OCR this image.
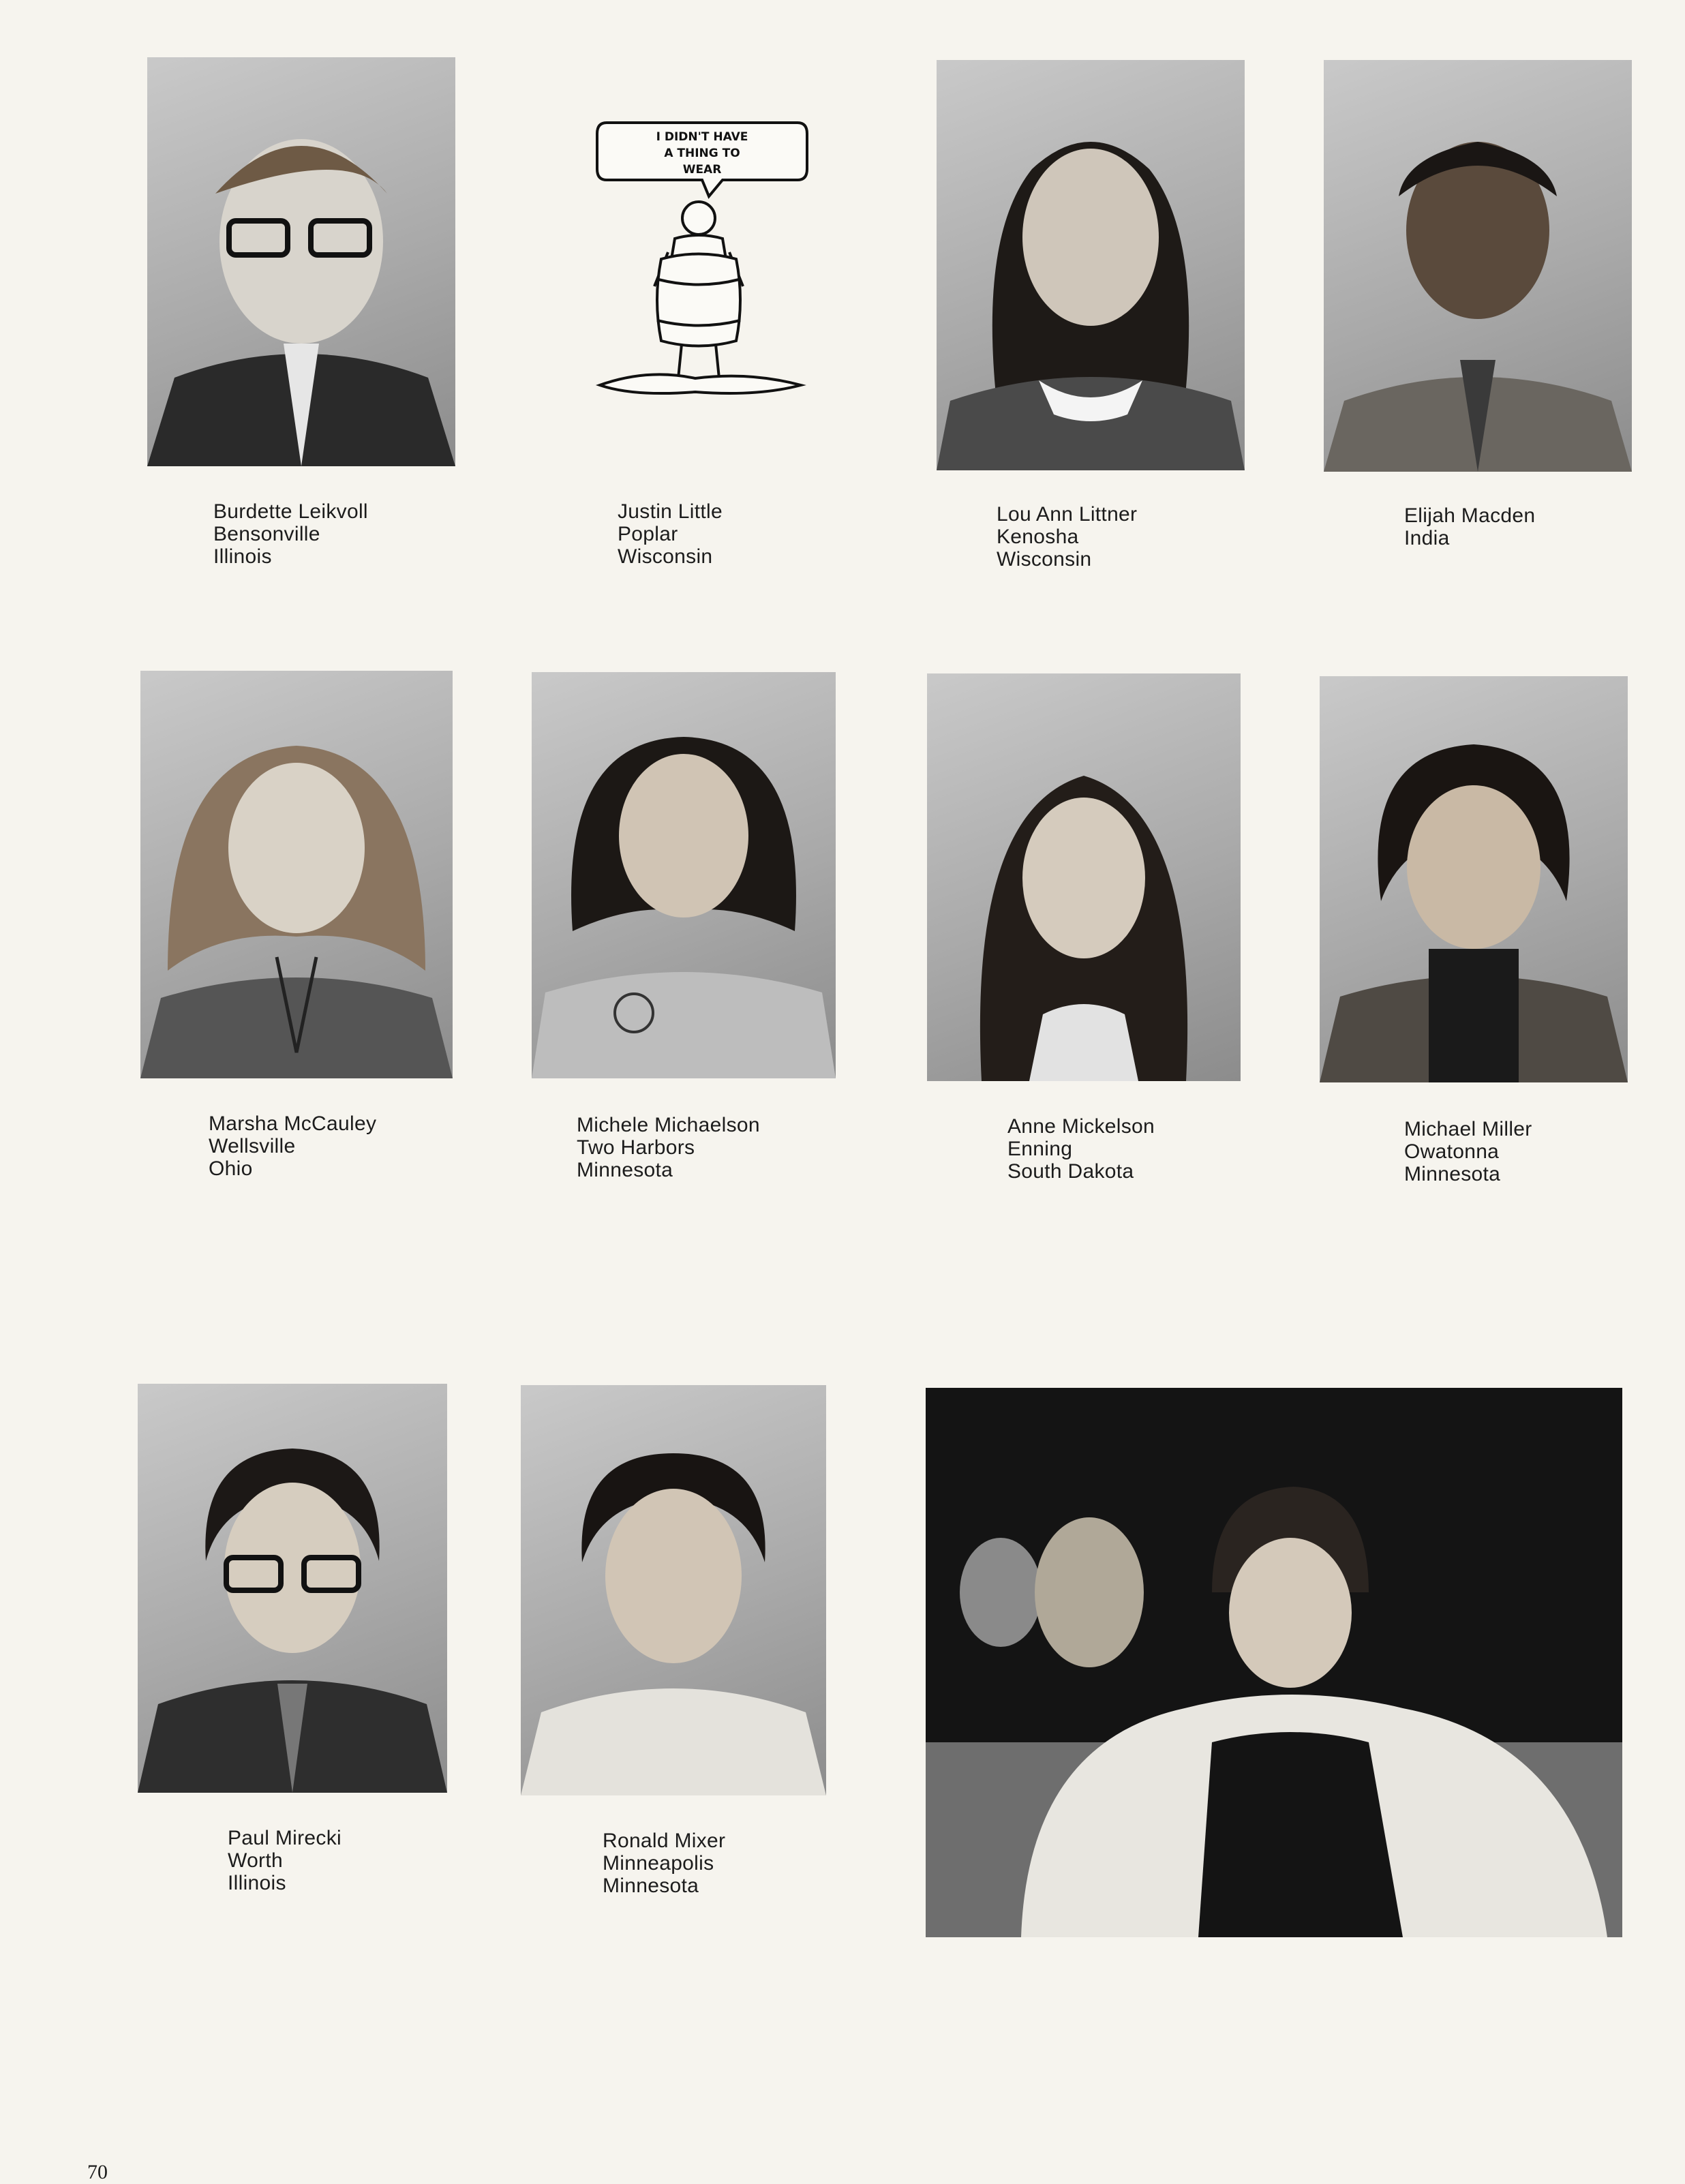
Burdette Leikvoll
Bensonville
Illinois
I DIDN'T HAVE
A THING TO
WEAR
Justin Little
Poplar
Wisconsin
Lou Ann Littner
Kenosha
Wisconsin
Elijah Macden
India
Marsha McCauley
Wellsville
Ohio
Michele Michaelson
Two Harbors
Minnesota
Anne Mickelson
Enning
South Dakota
Michael Miller
Owatonna
Minnesota
Paul Mirecki
Worth
Illinois
Ronald Mixer
Minneapolis
Minnesota
70
